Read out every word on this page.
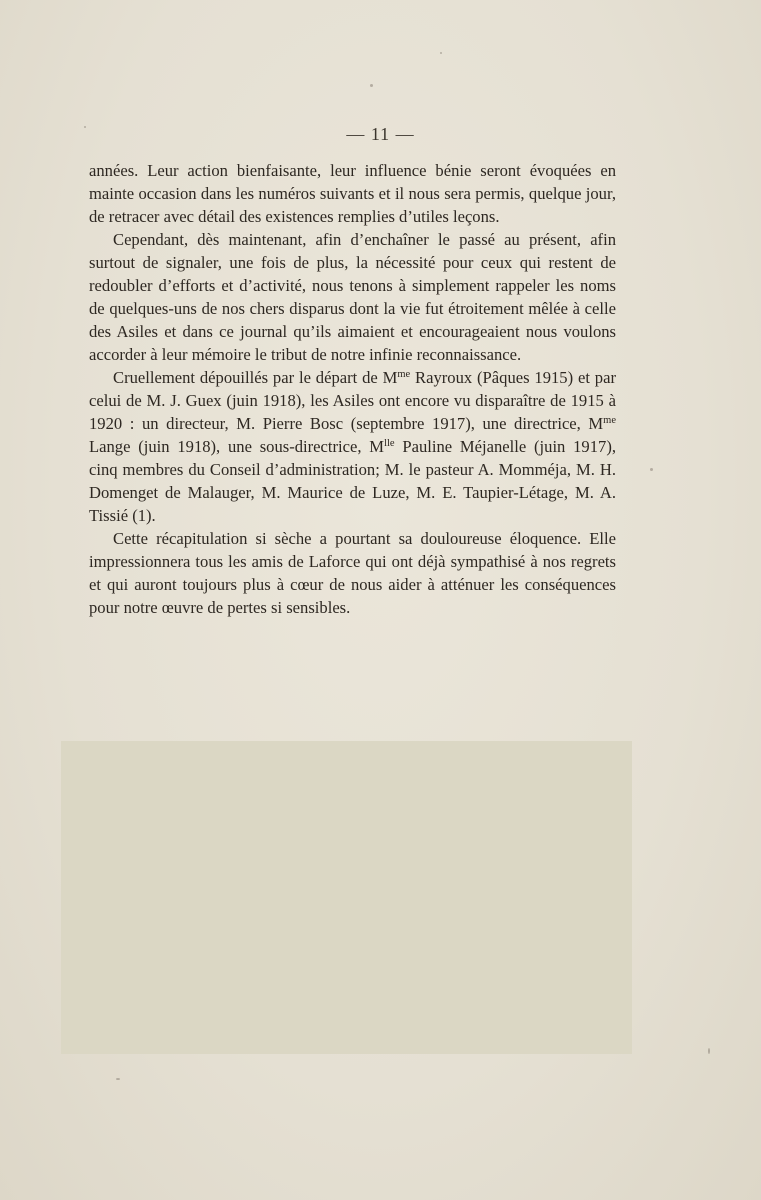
— 11 —

années. Leur action bienfaisante, leur influence bénie seront évoquées en mainte occasion dans les numéros suivants et il nous sera permis, quelque jour, de retracer avec détail des existences remplies d’utiles leçons.

Cependant, dès maintenant, afin d’enchaîner le passé au présent, afin surtout de signaler, une fois de plus, la nécessité pour ceux qui restent de redoubler d’efforts et d’activité, nous tenons à simplement rappeler les noms de quelques-uns de nos chers disparus dont la vie fut étroitement mêlée à celle des Asiles et dans ce journal qu’ils aimaient et encourageaient nous voulons accorder à leur mémoire le tribut de notre infinie reconnaissance.

Cruellement dépouillés par le départ de $M^{me}$ Rayroux (Pâques 1915) et par celui de M. J. Guex (juin 1918), les Asiles ont encore vu disparaître de 1915 à 1920 : un directeur, M. Pierre Bosc (septembre 1917), une directrice, $M^{me}$ Lange (juin 1918), une sous-directrice, $M^{lle}$ Pauline Méjanelle (juin 1917), cinq membres du Conseil d’administration; M. le pasteur A. Momméja, M. H. Domenget de Malauger, M. Maurice de Luze, M. E. Taupier-Létage, M. A. Tissié (1).

Cette récapitulation si sèche a pourtant sa douloureuse éloquence. Elle impressionnera tous les amis de Laforce qui ont déjà sympathisé à nos regrets et qui auront toujours plus à cœur de nous aider à atténuer les conséquences pour notre œuvre de pertes si sensibles.
